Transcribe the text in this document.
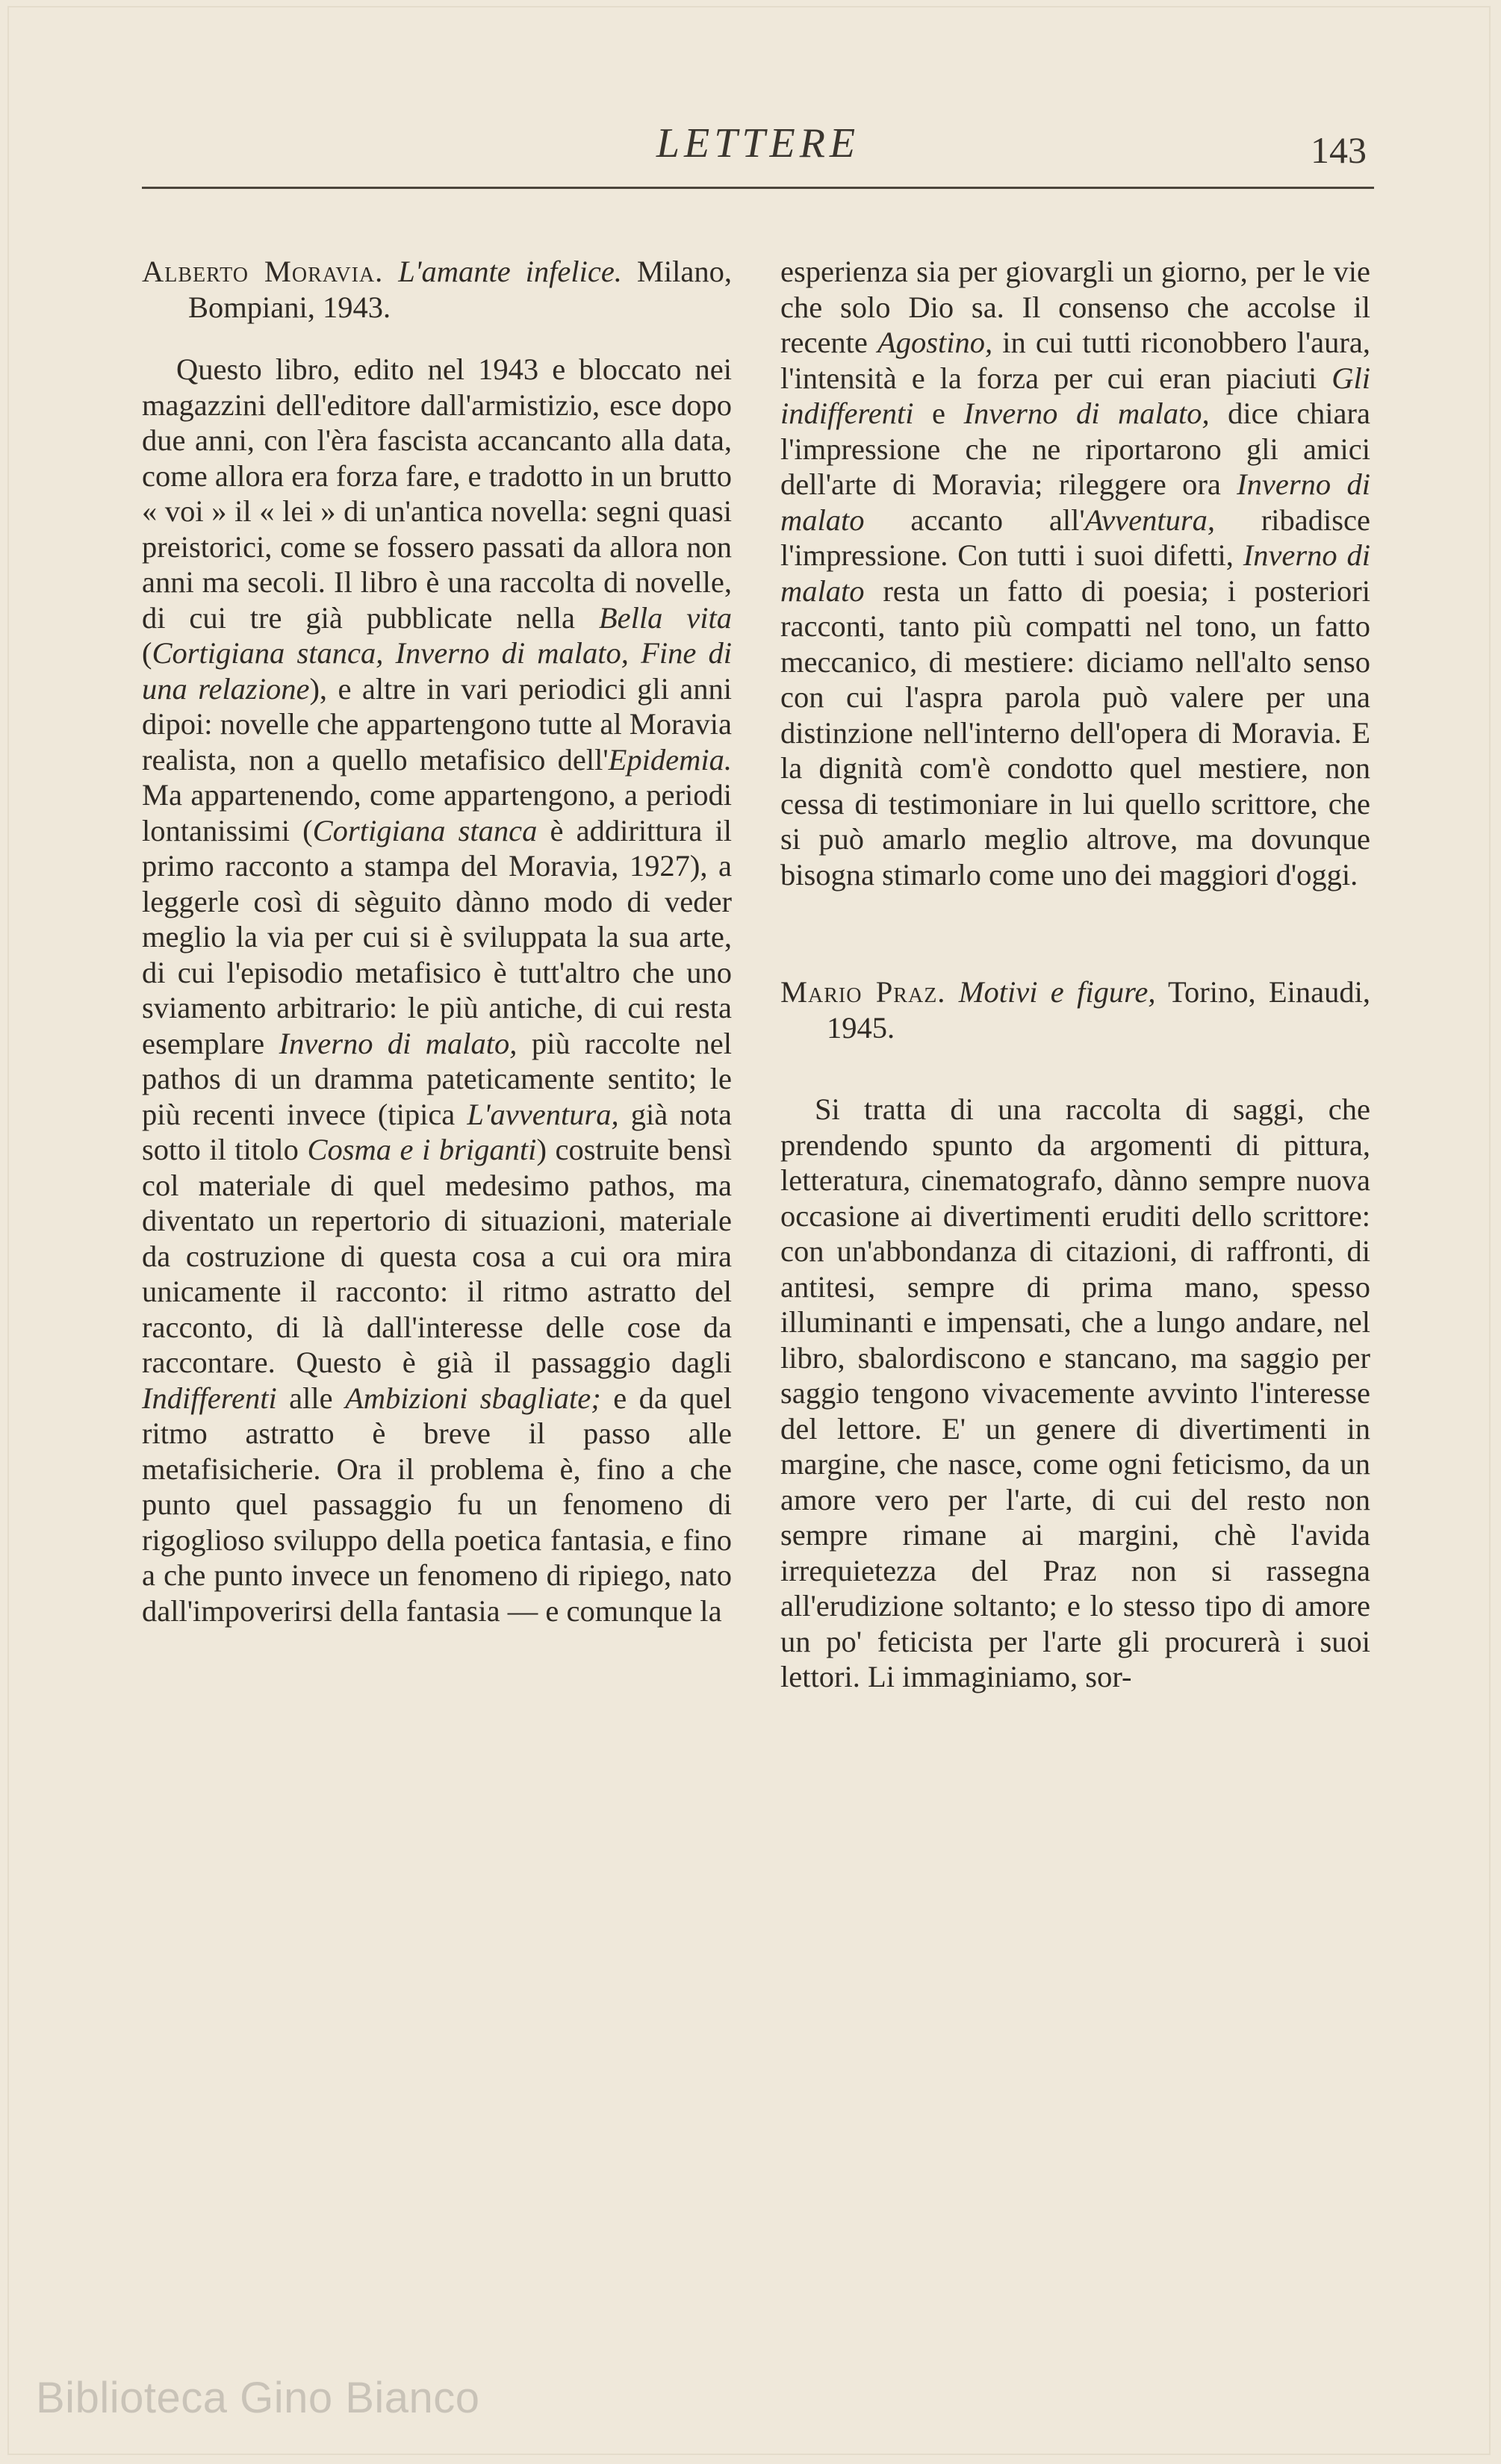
LETTERE	143

Alberto Moravia. L'amante infelice. Milano, Bompiani, 1943.

Questo libro, edito nel 1943 e bloccato nei magazzini dell'editore dall'armistizio, esce dopo due anni, con l'èra fascista accancanto alla data, come allora era forza fare, e tradotto in un brutto « voi » il « lei » di un'antica novella: segni quasi preistorici, come se fossero passati da allora non anni ma secoli. Il libro è una raccolta di novelle, di cui tre già pubblicate nella Bella vita (Cortigiana stanca, Inverno di malato, Fine di una relazione), e altre in vari periodici gli anni dipoi: novelle che appartengono tutte al Moravia realista, non a quello metafisico dell'Epidemia. Ma appartenendo, come appartengono, a periodi lontanissimi (Cortigiana stanca è addirittura il primo racconto a stampa del Moravia, 1927), a leggerle così di sèguito dànno modo di veder meglio la via per cui si è sviluppata la sua arte, di cui l'episodio metafisico è tutt'altro che uno sviamento arbitrario: le più antiche, di cui resta esemplare Inverno di malato, più raccolte nel pathos di un dramma pateticamente sentito; le più recenti invece (tipica L'avventura, già nota sotto il titolo Cosma e i briganti) costruite bensì col materiale di quel medesimo pathos, ma diventato un repertorio di situazioni, materiale da costruzione di questa cosa a cui ora mira unicamente il racconto: il ritmo astratto del racconto, di là dall'interesse delle cose da raccontare. Questo è già il passaggio dagli Indifferenti alle Ambizioni sbagliate; e da quel ritmo astratto è breve il passo alle metafisicherie. Ora il problema è, fino a che punto quel passaggio fu un fenomeno di rigoglioso sviluppo della poetica fantasia, e fino a che punto invece un fenomeno di ripiego, nato dall'impoverirsi della fantasia — e comunque la

esperienza sia per giovargli un giorno, per le vie che solo Dio sa. Il consenso che accolse il recente Agostino, in cui tutti riconobbero l'aura, l'intensità e la forza per cui eran piaciuti Gli indifferenti e Inverno di malato, dice chiara l'impressione che ne riportarono gli amici dell'arte di Moravia; rileggere ora Inverno di malato accanto all'Avventura, ribadisce l'impressione. Con tutti i suoi difetti, Inverno di malato resta un fatto di poesia; i posteriori racconti, tanto più compatti nel tono, un fatto meccanico, di mestiere: diciamo nell'alto senso con cui l'aspra parola può valere per una distinzione nell'interno dell'opera di Moravia. E la dignità com'è condotto quel mestiere, non cessa di testimoniare in lui quello scrittore, che si può amarlo meglio altrove, ma dovunque bisogna stimarlo come uno dei maggiori d'oggi.

Mario Praz. Motivi e figure, Torino, Einaudi, 1945.

Si tratta di una raccolta di saggi, che prendendo spunto da argomenti di pittura, letteratura, cinematografo, dànno sempre nuova occasione ai divertimenti eruditi dello scrittore: con un'abbondanza di citazioni, di raffronti, di antitesi, sempre di prima mano, spesso illuminanti e impensati, che a lungo andare, nel libro, sbalordiscono e stancano, ma saggio per saggio tengono vivacemente avvinto l'interesse del lettore. E' un genere di divertimenti in margine, che nasce, come ogni feticismo, da un amore vero per l'arte, di cui del resto non sempre rimane ai margini, chè l'avida irrequietezza del Praz non si rassegna all'erudizione soltanto; e lo stesso tipo di amore un po' feticista per l'arte gli procurerà i suoi lettori. Li immaginiamo, sor-

Biblioteca Gino Bianco
